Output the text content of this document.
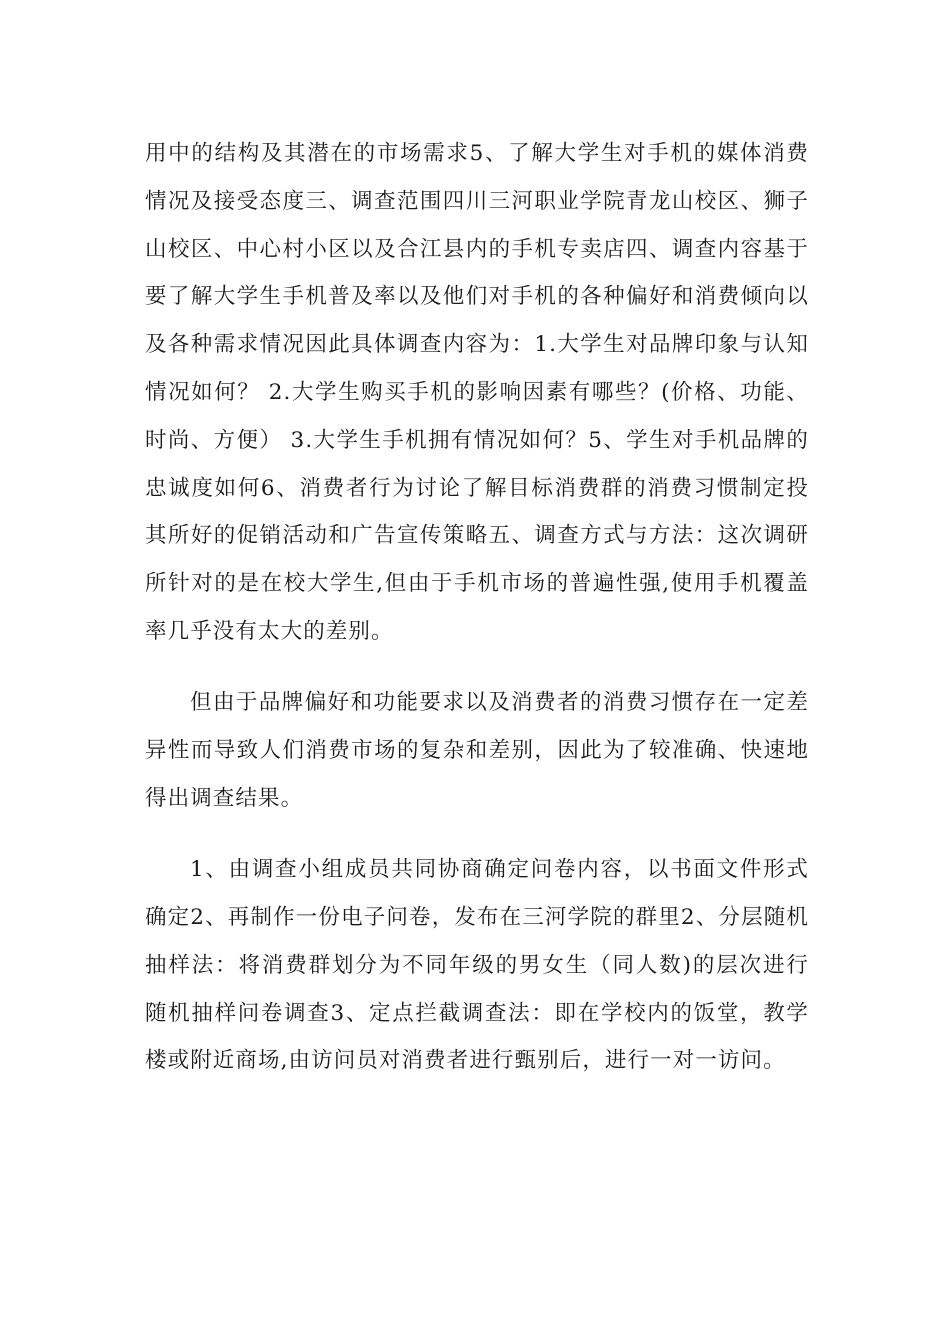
用中的结构及其潜在的市场需求5、了解大学生对手机的媒体消费情况及接受态度三、调查范围四川三河职业学院青龙山校区、狮子山校区、中心村小区以及合江县内的手机专卖店四、调查内容基于要了解大学生手机普及率以及他们对手机的各种偏好和消费倾向以及各种需求情况因此具体调查内容为：1.大学生对品牌印象与认知情况如何？ 2.大学生购买手机的影响因素有哪些？(价格、功能、时尚、方便） 3.大学生手机拥有情况如何？5、学生对手机品牌的忠诚度如何6、消费者行为讨论了解目标消费群的消费习惯制定投其所好的促销活动和广告宣传策略五、调查方式与方法：这次调研所针对的是在校大学生,但由于手机市场的普遍性强,使用手机覆盖率几乎没有太大的差别。

但由于品牌偏好和功能要求以及消费者的消费习惯存在一定差异性而导致人们消费市场的复杂和差别，因此为了较准确、快速地得出调查结果。

1、由调查小组成员共同协商确定问卷内容，以书面文件形式确定2、再制作一份电子问卷，发布在三河学院的群里2、分层随机抽样法：将消费群划分为不同年级的男女生（同人数)的层次进行随机抽样问卷调查3、定点拦截调查法：即在学校内的饭堂，教学楼或附近商场,由访问员对消费者进行甄别后，进行一对一访问。
